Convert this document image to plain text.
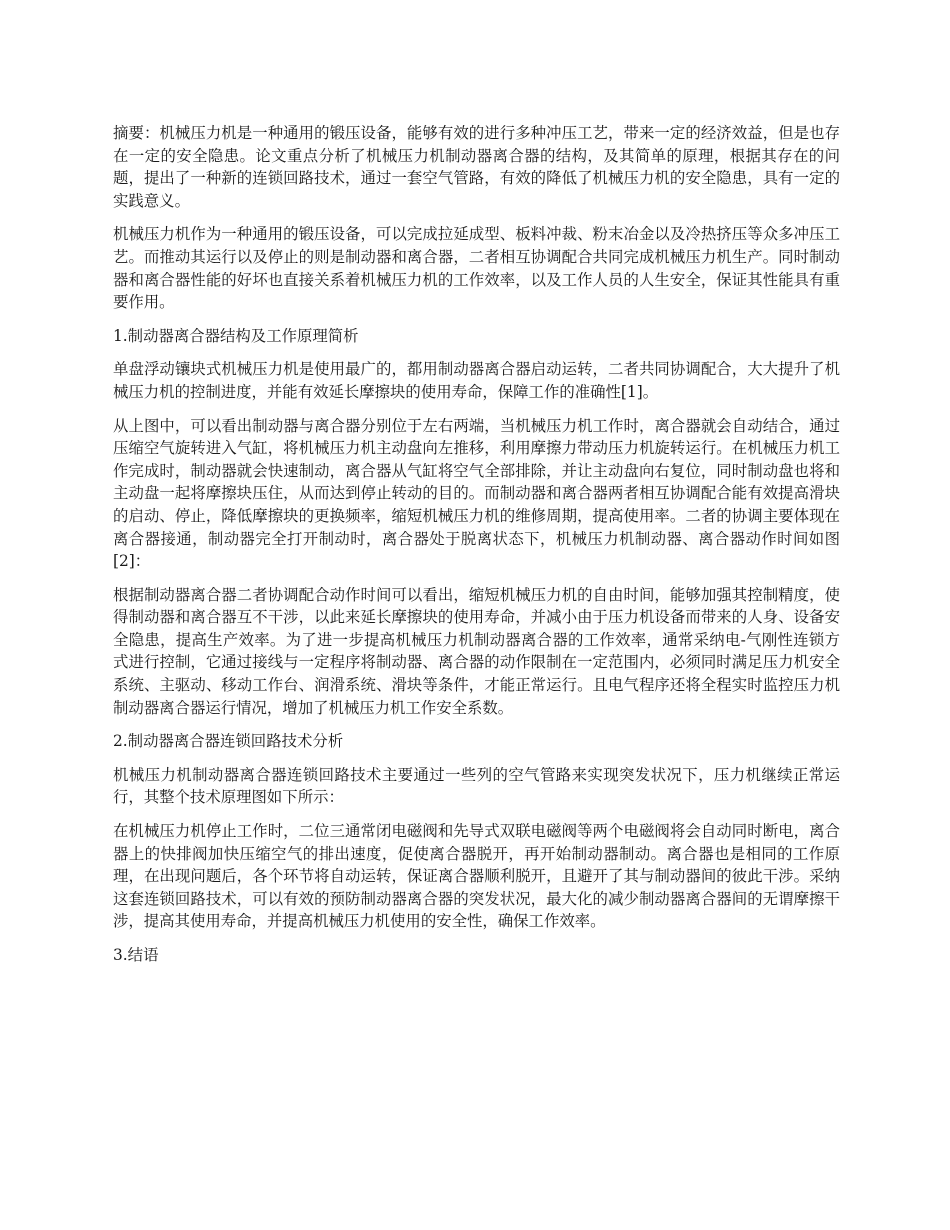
摘要：机械压力机是一种通用的锻压设备，能够有效的进行多种冲压工艺，带来一定的经济效益，但是也存在一定的安全隐患。论文重点分析了机械压力机制动器离合器的结构，及其简单的原理，根据其存在的问题，提出了一种新的连锁回路技术，通过一套空气管路，有效的降低了机械压力机的安全隐患，具有一定的实践意义。

机械压力机作为一种通用的锻压设备，可以完成拉延成型、板料冲裁、粉末冶金以及冷热挤压等众多冲压工艺。而推动其运行以及停止的则是制动器和离合器，二者相互协调配合共同完成机械压力机生产。同时制动器和离合器性能的好坏也直接关系着机械压力机的工作效率，以及工作人员的人生安全，保证其性能具有重要作用。

1.制动器离合器结构及工作原理简析

单盘浮动镶块式机械压力机是使用最广的，都用制动器离合器启动运转，二者共同协调配合，大大提升了机械压力机的控制进度，并能有效延长摩擦块的使用寿命，保障工作的准确性[1]。

从上图中，可以看出制动器与离合器分别位于左右两端，当机械压力机工作时，离合器就会自动结合，通过压缩空气旋转进入气缸，将机械压力机主动盘向左推移，利用摩擦力带动压力机旋转运行。在机械压力机工作完成时，制动器就会快速制动，离合器从气缸将空气全部排除，并让主动盘向右复位，同时制动盘也将和主动盘一起将摩擦块压住，从而达到停止转动的目的。而制动器和离合器两者相互协调配合能有效提高滑块的启动、停止，降低摩擦块的更换频率，缩短机械压力机的维修周期，提高使用率。二者的协调主要体现在离合器接通，制动器完全打开制动时，离合器处于脱离状态下，机械压力机制动器、离合器动作时间如图[2]：

根据制动器离合器二者协调配合动作时间可以看出，缩短机械压力机的自由时间，能够加强其控制精度，使得制动器和离合器互不干涉，以此来延长摩擦块的使用寿命，并减小由于压力机设备而带来的人身、设备安全隐患，提高生产效率。为了进一步提高机械压力机制动器离合器的工作效率，通常采纳电-气刚性连锁方式进行控制，它通过接线与一定程序将制动器、离合器的动作限制在一定范围内，必须同时满足压力机安全系统、主驱动、移动工作台、润滑系统、滑块等条件，才能正常运行。且电气程序还将全程实时监控压力机制动器离合器运行情况，增加了机械压力机工作安全系数。

2.制动器离合器连锁回路技术分析

机械压力机制动器离合器连锁回路技术主要通过一些列的空气管路来实现突发状况下，压力机继续正常运行，其整个技术原理图如下所示：

在机械压力机停止工作时，二位三通常闭电磁阀和先导式双联电磁阀等两个电磁阀将会自动同时断电，离合器上的快排阀加快压缩空气的排出速度，促使离合器脱开，再开始制动器制动。离合器也是相同的工作原理，在出现问题后，各个环节将自动运转，保证离合器顺利脱开，且避开了其与制动器间的彼此干涉。采纳这套连锁回路技术，可以有效的预防制动器离合器的突发状况，最大化的减少制动器离合器间的无谓摩擦干涉，提高其使用寿命，并提高机械压力机使用的安全性，确保工作效率。

3.结语
